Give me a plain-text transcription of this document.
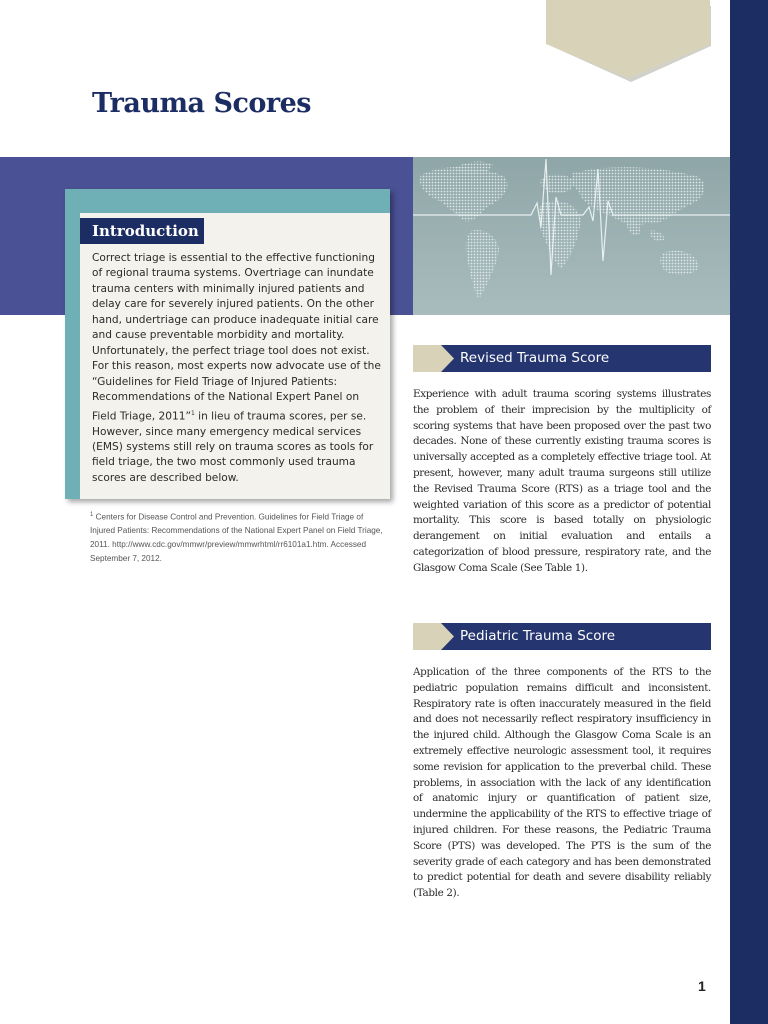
Trauma Scores
Introduction

Correct triage is essential to the effective functioning of regional trauma systems. Overtriage can inundate trauma centers with minimally injured patients and delay care for severely injured patients. On the other hand, undertriage can produce inadequate initial care and cause preventable morbidity and mortality. Unfortunately, the perfect triage tool does not exist. For this reason, most experts now advocate use of the “Guidelines for Field Triage of Injured Patients: Recommendations of the National Expert Panel on Field Triage, 2011”$^1$ in lieu of trauma scores, per se. However, since many emergency medical services (EMS) systems still rely on trauma scores as tools for field triage, the two most commonly used trauma scores are described below.

$^1$ Centers for Disease Control and Prevention. Guidelines for Field Triage of Injured Patients: Recommendations of the National Expert Panel on Field Triage, 2011. http://www.cdc.gov/mmwr/preview/mmwrhtml/rr6101a1.htm. Accessed September 7, 2012.

Revised Trauma Score

Experience with adult trauma scoring systems illustrates the problem of their imprecision by the multiplicity of scoring systems that have been proposed over the past two decades. None of these currently existing trauma scores is universally accepted as a completely effective triage tool. At present, however, many adult trauma surgeons still utilize the Revised Trauma Score (RTS) as a triage tool and the weighted variation of this score as a predictor of potential mortality. This score is based totally on physiologic derangement on initial evaluation and entails a categorization of blood pressure, respiratory rate, and the Glasgow Coma Scale (See Table 1).

Pediatric Trauma Score

Application of the three components of the RTS to the pediatric population remains difficult and inconsistent. Respiratory rate is often inaccurately measured in the field and does not necessarily reflect respiratory insufficiency in the injured child. Although the Glasgow Coma Scale is an extremely effective neurologic assessment tool, it requires some revision for application to the preverbal child. These problems, in association with the lack of any identification of anatomic injury or quantification of patient size, undermine the applicability of the RTS to effective triage of injured children. For these reasons, the Pediatric Trauma Score (PTS) was developed. The PTS is the sum of the severity grade of each category and has been demonstrated to predict potential for death and severe disability reliably (Table 2).

1
